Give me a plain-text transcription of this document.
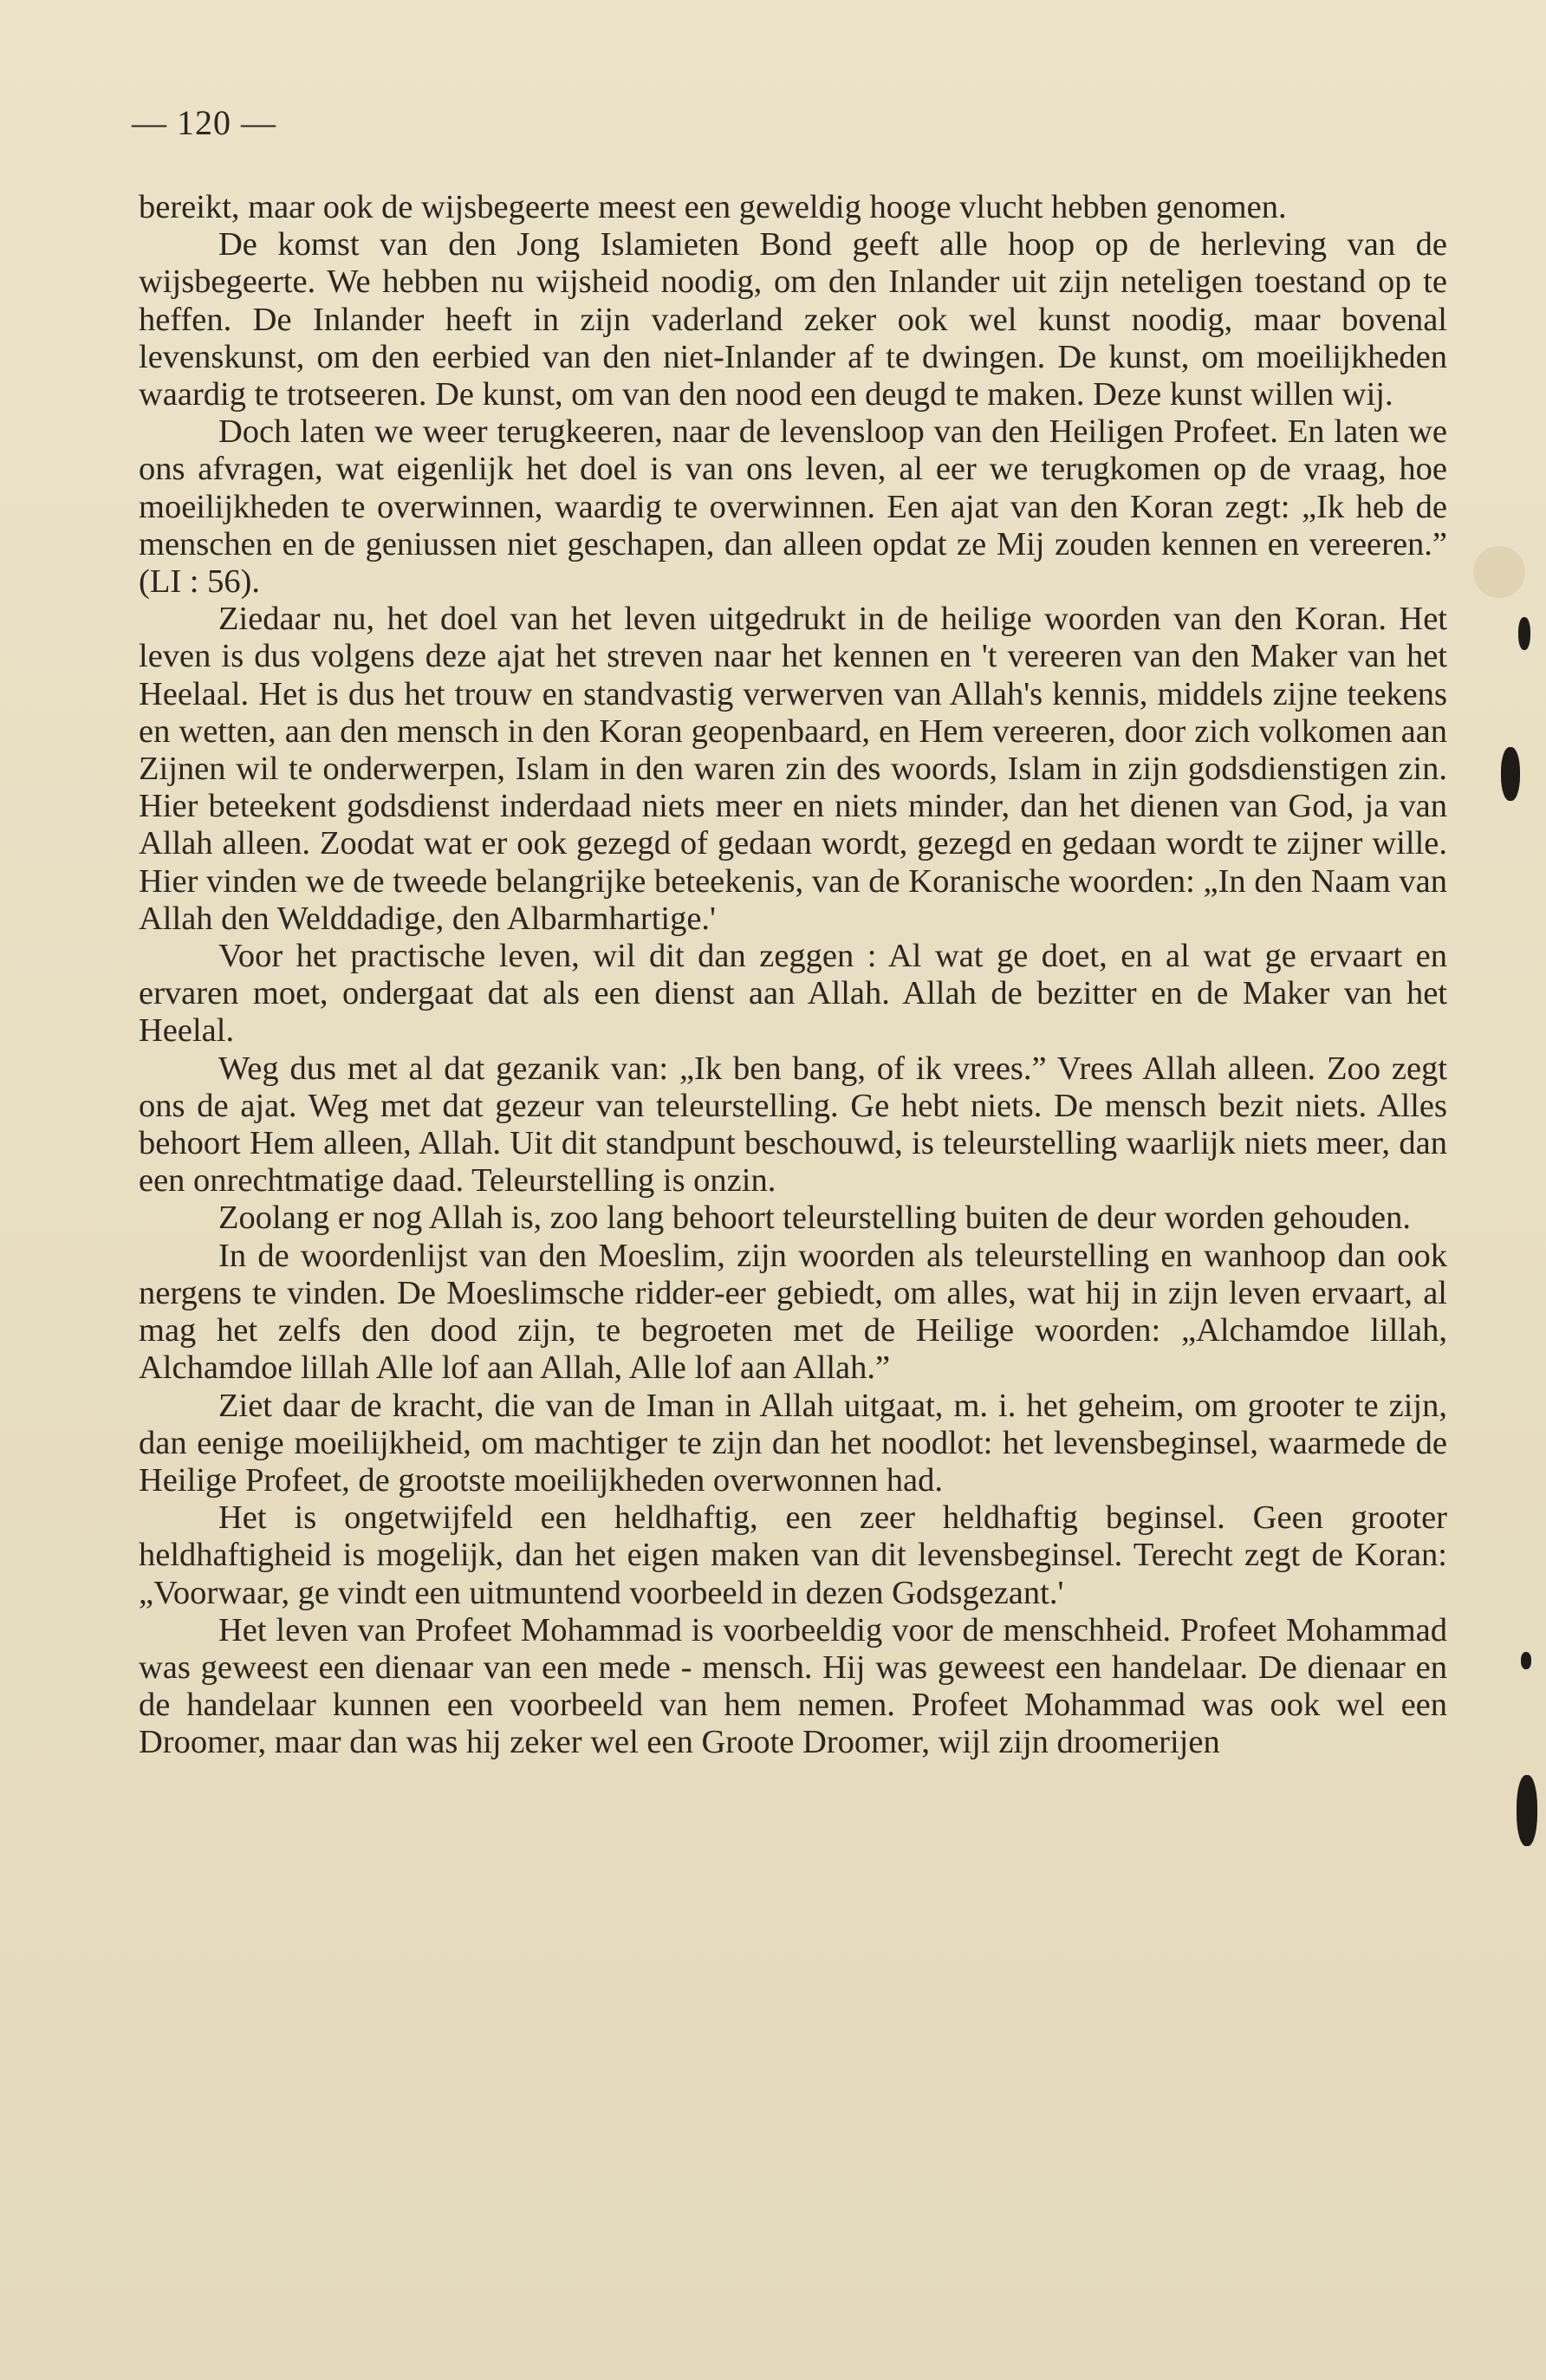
— 120 —

bereikt, maar ook de wijsbegeerte meest een geweldig hooge vlucht hebben genomen.

De komst van den Jong Islamieten Bond geeft alle hoop op de herleving van de wijsbegeerte. We hebben nu wijsheid noodig, om den Inlander uit zijn neteligen toestand op te heffen. De Inlander heeft in zijn vaderland zeker ook wel kunst noodig, maar bovenal levenskunst, om den eerbied van den niet-Inlander af te dwingen. De kunst, om moeilijkheden waardig te trotseeren. De kunst, om van den nood een deugd te maken. Deze kunst willen wij.

Doch laten we weer terugkeeren, naar de levensloop van den Heiligen Profeet. En laten we ons afvragen, wat eigenlijk het doel is van ons leven, al eer we terugkomen op de vraag, hoe moeilijkheden te overwinnen, waardig te overwinnen. Een ajat van den Koran zegt: „Ik heb de menschen en de geniussen niet geschapen, dan alleen opdat ze Mij zouden kennen en vereeren.” (LI : 56).

Ziedaar nu, het doel van het leven uitgedrukt in de heilige woorden van den Koran. Het leven is dus volgens deze ajat het streven naar het kennen en 't vereeren van den Maker van het Heelaal. Het is dus het trouw en standvastig verwerven van Allah's kennis, middels zijne teekens en wetten, aan den mensch in den Koran geopenbaard, en Hem vereeren, door zich volkomen aan Zijnen wil te onderwerpen, Islam in den waren zin des woords, Islam in zijn godsdienstigen zin. Hier beteekent godsdienst inderdaad niets meer en niets minder, dan het dienen van God, ja van Allah alleen. Zoodat wat er ook gezegd of gedaan wordt, gezegd en gedaan wordt te zijner wille. Hier vinden we de tweede belangrijke beteekenis, van de Koranische woorden: „In den Naam van Allah den Welddadige, den Albarmhartige.'

Voor het practische leven, wil dit dan zeggen : Al wat ge doet, en al wat ge ervaart en ervaren moet, ondergaat dat als een dienst aan Allah. Allah de bezitter en de Maker van het Heelal.

Weg dus met al dat gezanik van: „Ik ben bang, of ik vrees.” Vrees Allah alleen. Zoo zegt ons de ajat. Weg met dat gezeur van teleurstelling. Ge hebt niets. De mensch bezit niets. Alles behoort Hem alleen, Allah. Uit dit standpunt beschouwd, is teleurstelling waarlijk niets meer, dan een onrechtmatige daad. Teleurstelling is onzin.

Zoolang er nog Allah is, zoo lang behoort teleurstelling buiten de deur worden gehouden.

In de woordenlijst van den Moeslim, zijn woorden als teleurstelling en wanhoop dan ook nergens te vinden. De Moeslimsche ridder-eer gebiedt, om alles, wat hij in zijn leven ervaart, al mag het zelfs den dood zijn, te begroeten met de Heilige woorden: „Alchamdoe lillah, Alchamdoe lillah Alle lof aan Allah, Alle lof aan Allah.”

Ziet daar de kracht, die van de Iman in Allah uitgaat, m. i. het geheim, om grooter te zijn, dan eenige moeilijkheid, om machtiger te zijn dan het noodlot: het levensbeginsel, waarmede de Heilige Profeet, de grootste moeilijkheden overwonnen had.

Het is ongetwijfeld een heldhaftig, een zeer heldhaftig beginsel. Geen grooter heldhaftigheid is mogelijk, dan het eigen maken van dit levensbeginsel. Terecht zegt de Koran: „Voorwaar, ge vindt een uitmuntend voorbeeld in dezen Godsgezant.'

Het leven van Profeet Mohammad is voorbeeldig voor de menschheid. Profeet Mohammad was geweest een dienaar van een mede - mensch. Hij was geweest een handelaar. De dienaar en de handelaar kunnen een voorbeeld van hem nemen. Profeet Mohammad was ook wel een Droomer, maar dan was hij zeker wel een Groote Droomer, wijl zijn droomerijen
